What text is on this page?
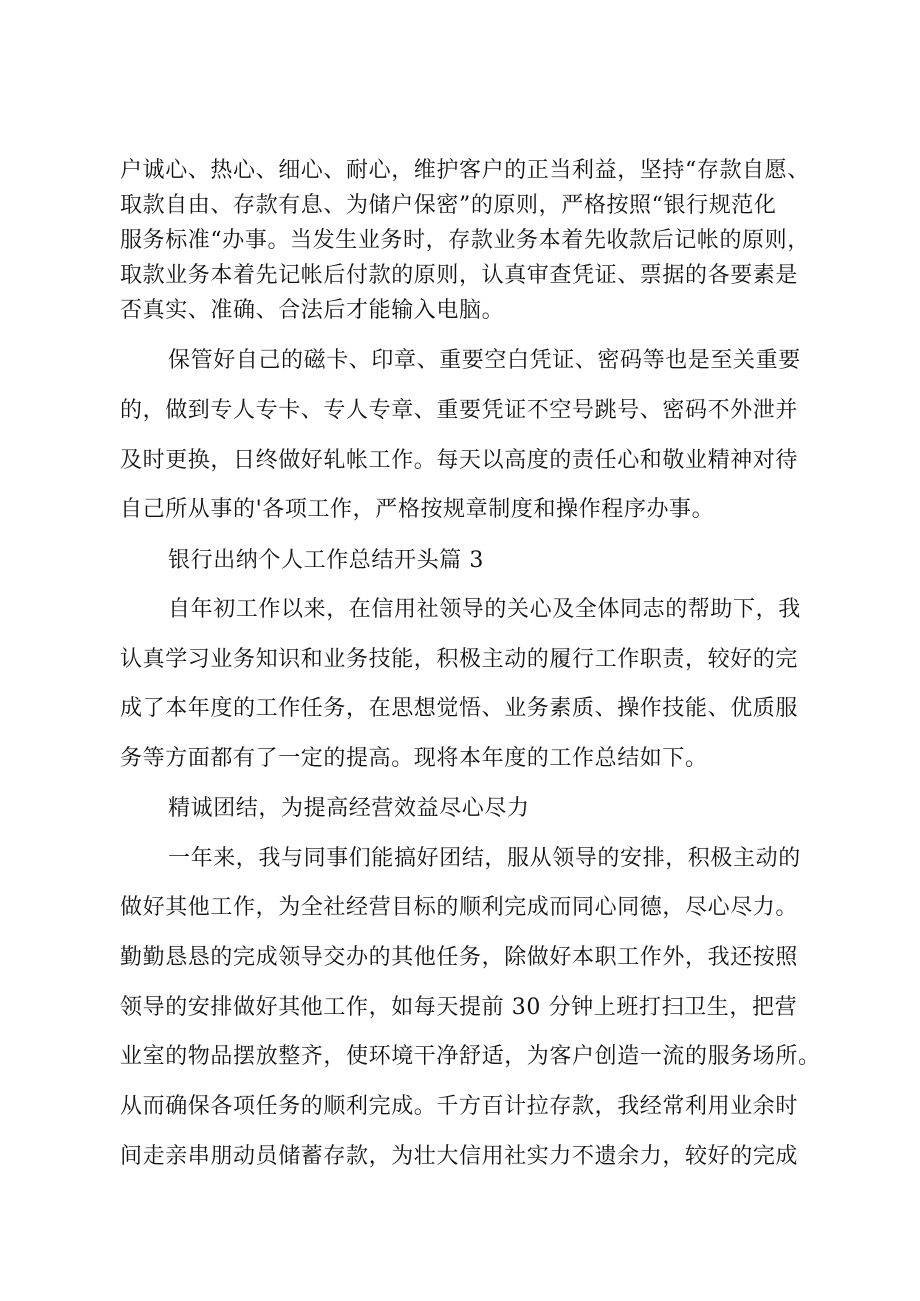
户诚心、热心、细心、耐心，维护客户的正当利益，坚持“存款自愿、
取款自由、存款有息、为储户保密”的原则，严格按照“银行规范化
服务标准“办事。当发生业务时，存款业务本着先收款后记帐的原则，
取款业务本着先记帐后付款的原则，认真审查凭证、票据的各要素是
否真实、准确、合法后才能输入电脑。
保管好自己的磁卡、印章、重要空白凭证、密码等也是至关重要
的，做到专人专卡、专人专章、重要凭证不空号跳号、密码不外泄并
及时更换，日终做好轧帐工作。每天以高度的责任心和敬业精神对待
自己所从事的'各项工作，严格按规章制度和操作程序办事。
银行出纳个人工作总结开头篇 3
自年初工作以来，在信用社领导的关心及全体同志的帮助下，我
认真学习业务知识和业务技能，积极主动的履行工作职责，较好的完
成了本年度的工作任务，在思想觉悟、业务素质、操作技能、优质服
务等方面都有了一定的提高。现将本年度的工作总结如下。
精诚团结，为提高经营效益尽心尽力
一年来，我与同事们能搞好团结，服从领导的安排，积极主动的
做好其他工作，为全社经营目标的顺利完成而同心同德，尽心尽力。
勤勤恳恳的完成领导交办的其他任务，除做好本职工作外，我还按照
领导的安排做好其他工作，如每天提前 30 分钟上班打扫卫生，把营
业室的物品摆放整齐，使环境干净舒适，为客户创造一流的服务场所。
从而确保各项任务的顺利完成。千方百计拉存款，我经常利用业余时
间走亲串朋动员储蓄存款，为壮大信用社实力不遗余力，较好的完成
